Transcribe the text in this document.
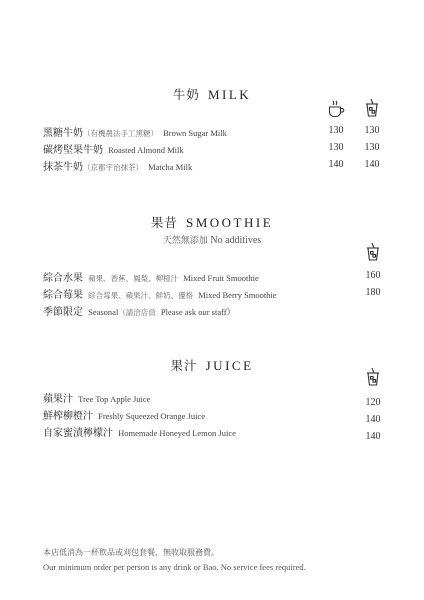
牛奶 MILK
黑糖牛奶（有機農法手工黑糖） Brown Sugar Milk	130	130
碳烤堅果牛奶 Roasted Almond Milk	130	130
抹茶牛奶（京都宇治抹茶） Matcha Milk	140	140
果昔 SMOOTHIE
天然無添加 No additives
綜合水果 蘋果、香蕉、鳳梨、柳橙汁 Mixed Fruit Smoothie	160
綜合莓果 綜合莓果、蘋果汁、鮮奶、優格 Mixed Berry Smoothie	180
季節限定 Seasonal（請洽店員 Please ask our staff）
果汁 JUICE
蘋果汁 Tree Top Apple Juice	120
鮮榨柳橙汁 Freshly Squeezed Orange Juice	140
自家蜜漬檸檬汁 Homemade Honeyed Lemon Juice	140
本店低消為一杯飲品或刈包套餐，無收取服務費。
Our minimum order per person is any drink or Bao. No service fees required.
